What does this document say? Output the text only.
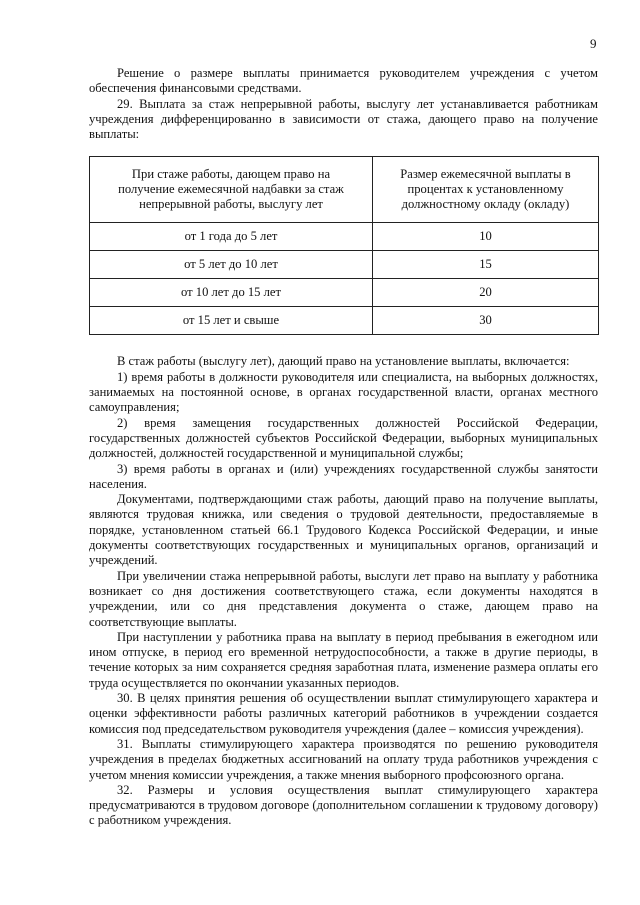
9

Решение о размере выплаты принимается руководителем учреждения с учетом обеспечения финансовыми средствами.

29. Выплата за стаж непрерывной работы, выслугу лет устанавливается работникам учреждения дифференцированно в зависимости от стажа, дающего право на получение выплаты:

При стаже работы, дающем право на получение ежемесячной надбавки за стаж непрерывной работы, выслугу лет	Размер ежемесячной выплаты в процентах к установленному должностному окладу (окладу)
от 1 года до 5 лет	10
от 5 лет до 10 лет	15
от 10 лет до 15 лет	20
от 15 лет и свыше	30

В стаж работы (выслугу лет), дающий право на установление выплаты, включается:

1) время работы в должности руководителя или специалиста, на выборных должностях, занимаемых на постоянной основе, в органах государственной власти, органах местного самоуправления;

2) время замещения государственных должностей Российской Федерации, государственных должностей субъектов Российской Федерации, выборных муниципальных должностей, должностей государственной и муниципальной службы;

3) время работы в органах и (или) учреждениях государственной службы занятости населения.

Документами, подтверждающими стаж работы, дающий право на получение выплаты, являются трудовая книжка, или сведения о трудовой деятельности, предоставляемые в порядке, установленном статьей 66.1 Трудового Кодекса Российской Федерации, и иные документы соответствующих государственных и муниципальных органов, организаций и учреждений.

При увеличении стажа непрерывной работы, выслуги лет право на выплату у работника возникает со дня достижения соответствующего стажа, если документы находятся в учреждении, или со дня представления документа о стаже, дающем право на соответствующие выплаты.

При наступлении у работника права на выплату в период пребывания в ежегодном или ином отпуске, в период его временной нетрудоспособности, а также в другие периоды, в течение которых за ним сохраняется средняя заработная плата, изменение размера оплаты его труда осуществляется по окончании указанных периодов.

30. В целях принятия решения об осуществлении выплат стимулирующего характера и оценки эффективности работы различных категорий работников в учреждении создается комиссия под председательством руководителя учреждения (далее – комиссия учреждения).

31. Выплаты стимулирующего характера производятся по решению руководителя учреждения в пределах бюджетных ассигнований на оплату труда работников учреждения с учетом мнения комиссии учреждения, а также мнения выборного профсоюзного органа.

32. Размеры и условия осуществления выплат стимулирующего характера предусматриваются в трудовом договоре (дополнительном соглашении к трудовому договору) с работником учреждения.
